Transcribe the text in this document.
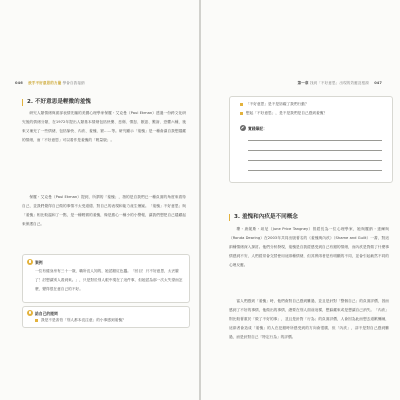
046 放手不好意思的力量 學會自我接納
2. 不好意思是輕微的羞愧

研究人類情緒與面部表情先驅的美國心理學家保羅・艾克曼（Paul Ekman）透過一份跨文化研究後的情緒分類，在1972年提出人類基本情緒包括快樂、悲傷、憤怒、厭惡、驚訝、恐懼六種，後來又補充了一些情緒，包括愉快、內疚、羞愧、窘……等。研究顯示「羞愧」是一種會讓自我想隱藏的情緒，而「不好意思」可以看作是羞愧的「輕量版」。

保羅・艾克曼（Paul Ekman）提到，所謂的「羞愧」，指的是自我們已一種負面的角度來看待自己，並我們覺得自己做的事情不太受道德、對自己的表現和能力產生懷疑。「羞愧」不好意思」與「羞愧」相比較溫和了一點，是一種輕微的羞愧，像是擔心一種小的小警報，讓我們想把自己隱藏起來保護自己。

案例

一位有健身房有三十一歲，職所沒人知的，她認錯紅色蠢。「回目！只不好意思，太丟臉了！討想讓別人看到來。」，只是對於別人眼中現在了這件事，但她認為那一次太失望而怎麼，變得很在意自己的不好。

給自己的提問
我是不是害怕「別人都本沒注意」的小事感到羞愧？
第一章 找到「不好意思」出現的效應及根源 047
「不好意思」是不是妨礙了我們行動？
想起「不好意思」，是不是我們是自己感到羞愧？
實踐筆記：
3. 羞愧和內疚是不同概念

瓊・唐妮斯・坦尼（June Price Tangney）曾經長為一位心理學家，她與羅納・達爾與（Ronda Dearing）在2003年共同出版著名的《羞愧與內疚》（Shame and Guilt）一書，對這兩種情緒深入探討。他們分析發現，羞愧是自我經感受到自己有錯的情緒，而內疚是對做了什麼事情感到不安，人們經常會交替使用這兩種情緒，但其實兩者是有明顯的不同，並會引起截然不同的心理反應。

當人們感到「羞愧」時，他們會對自己感到難過，並且是針對「整個自己」的負面評價，因而感到了不好的事情，他做出的事情，總要在別人面前這樣，想躲藏來或是想讓自己消失。「內疚」則比較著重於「做了不好的事」，並且是針對「行為」的負面評價，人會因為此而想去道歉彌補，這兩者會造成「羞愧」的人在犯錯時所感受到的方向會很廣，但「內疚」，卻不是對自己感到難過，而是針對自己「特定行為」的評價。
